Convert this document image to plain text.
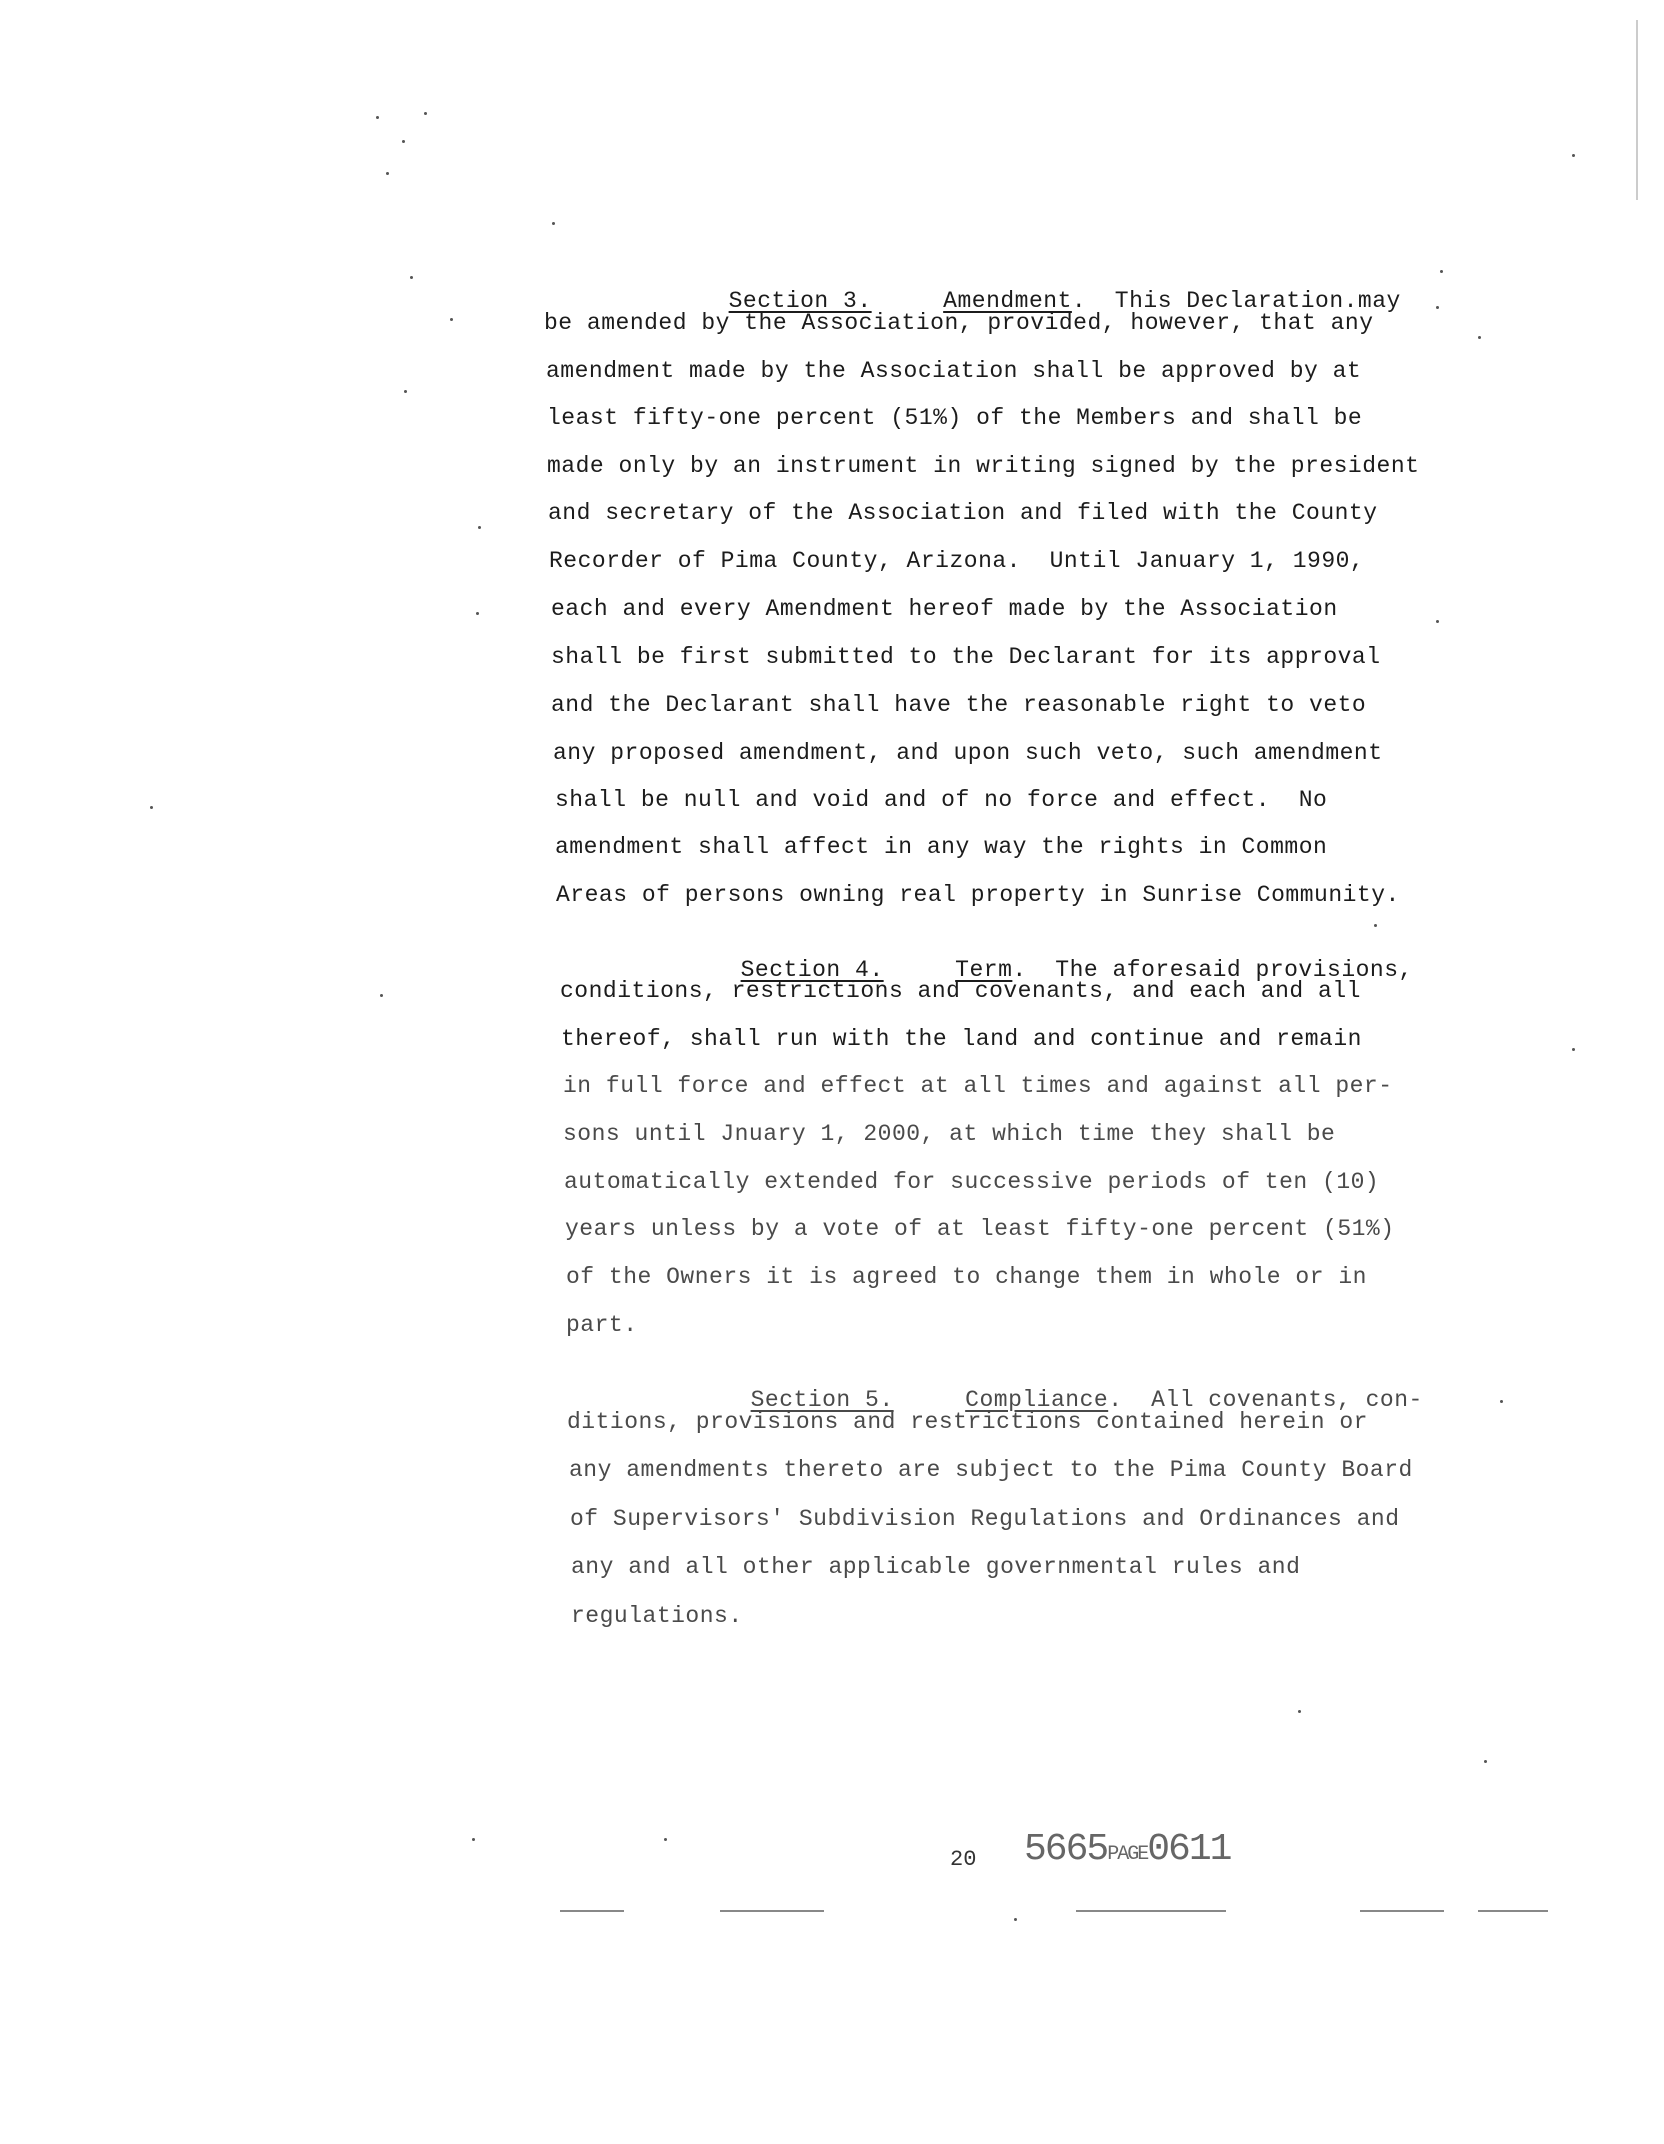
Section 3.	Amendment.  This Declaration.may

be amended by the Association, provided, however, that any
amendment made by the Association shall be approved by at
least fifty-one percent (51%) of the Members and shall be
made only by an instrument in writing signed by the president
and secretary of the Association and filed with the County
Recorder of Pima County, Arizona.  Until January 1, 1990,
each and every Amendment hereof made by the Association
shall be first submitted to the Declarant for its approval
and the Declarant shall have the reasonable right to veto
any proposed amendment, and upon such veto, such amendment
shall be null and void and of no force and effect.  No
amendment shall affect in any way the rights in Common
Areas of persons owning real property in Sunrise Community.

Section 4.	Term.  The aforesaid provisions,

conditions, restrictions and covenants, and each and all
thereof, shall run with the land and continue and remain
in full force and effect at all times and against all per-
sons until Jnuary 1, 2000, at which time they shall be
automatically extended for successive periods of ten (10)
years unless by a vote of at least fifty-one percent (51%)
of the Owners it is agreed to change them in whole or in
part.

Section 5.	Compliance.  All covenants, con-

ditions, provisions and restrictions contained herein or
any amendments thereto are subject to the Pima County Board
of Supervisors' Subdivision Regulations and Ordinances and
any and all other applicable governmental rules and
regulations.
20 5665PAGE0611
